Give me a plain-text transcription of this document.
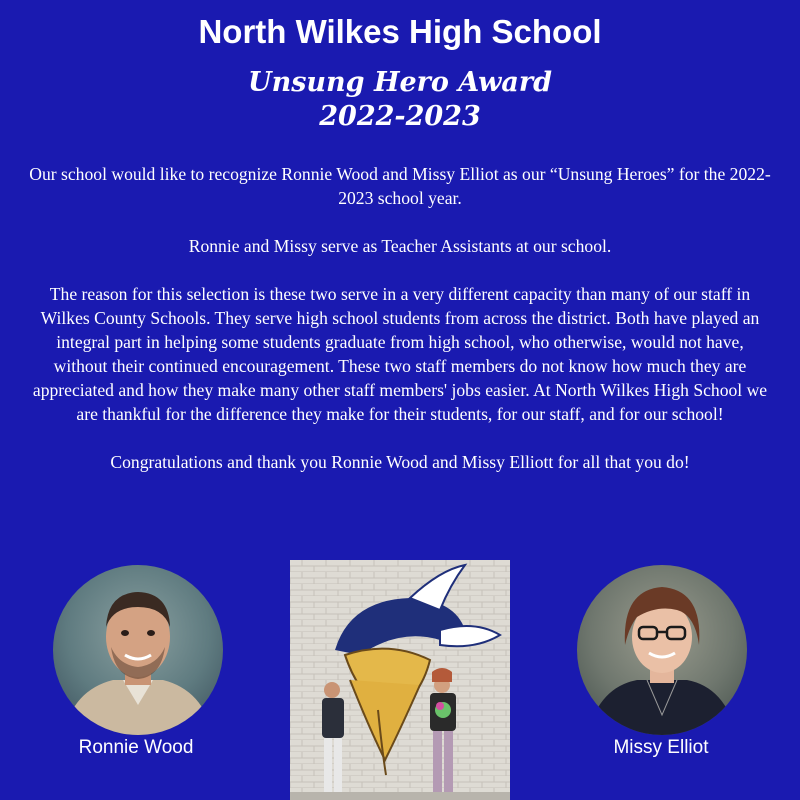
North Wilkes High School
Unsung Hero Award
2022-2023

Our school would like to recognize Ronnie Wood and Missy Elliot as our “Unsung Heroes” for the 2022-2023 school year.

Ronnie and Missy serve as Teacher Assistants at our school.

The reason for this selection is these two serve in a very different capacity than many of our staff in Wilkes County Schools. They serve high school students from across the district. Both have played an integral part in helping some students graduate from high school, who otherwise, would not have, without their continued encouragement. These two staff members do not know how much they are appreciated and how they make many other staff members' jobs easier. At North Wilkes High School we are thankful for the difference they make for their students, for our staff, and for our school!

Congratulations and thank you Ronnie Wood and Missy Elliott for all that you do!

Ronnie Wood	Missy Elliot
